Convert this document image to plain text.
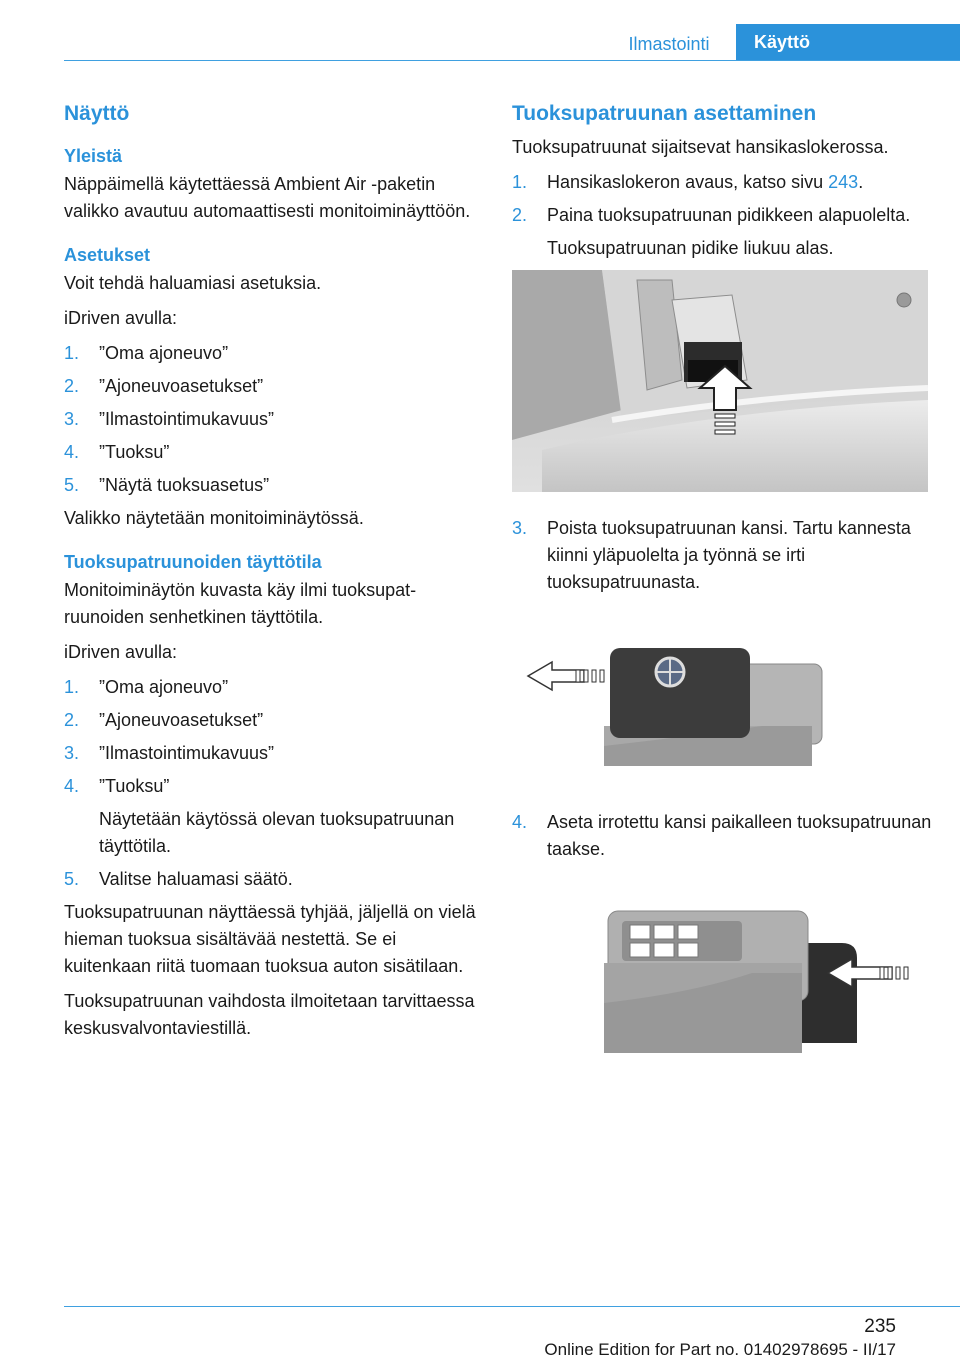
Ilmastointi	Käyttö
Näyttö
Yleistä

Näppäimellä käytettäessä Ambient Air -paketin valikko avautuu automaattisesti monitoiminäyttöön.

Asetukset

Voit tehdä haluamiasi asetuksia.

iDriven avulla:

1.	”Oma ajoneuvo”
2.	”Ajoneuvoasetukset”
3.	”Ilmastointimukavuus”
4.	”Tuoksu”
5.	”Näytä tuoksuasetus”

Valikko näytetään monitoiminäytössä.

Tuoksupatruunoiden täyttötila

Monitoiminäytön kuvasta käy ilmi tuoksupatruunoiden senhetkinen täyttötila.

iDriven avulla:

1.	”Oma ajoneuvo”
2.	”Ajoneuvoasetukset”
3.	”Ilmastointimukavuus”
4.	”Tuoksu”
Näytetään käytössä olevan tuoksupatruunan täyttötila.
5.	Valitse haluamasi säätö.

Tuoksupatruunan näyttäessä tyhjää, jäljellä on vielä hieman tuoksua sisältävää nestettä. Se ei kuitenkaan riitä tuomaan tuoksua auton sisätilaan.

Tuoksupatruunan vaihdosta ilmoitetaan tarvittaessa keskusvalvontaviestillä.

Tuoksupatruunan asettaminen

Tuoksupatruunat sijaitsevat hansikaslokerossa.

1.	Hansikaslokeron avaus, katso sivu 243.
2.	Paina tuoksupatruunan pidikkeen alapuolelta.
Tuoksupatruunan pidike liukuu alas.
3.	Poista tuoksupatruunan kansi. Tartu kannesta kiinni yläpuolelta ja työnnä se irti tuoksupatruunasta.
4.	Aseta irrotettu kansi paikalleen tuoksupatruunan taakse.
235
Online Edition for Part no. 01402978695 - II/17
